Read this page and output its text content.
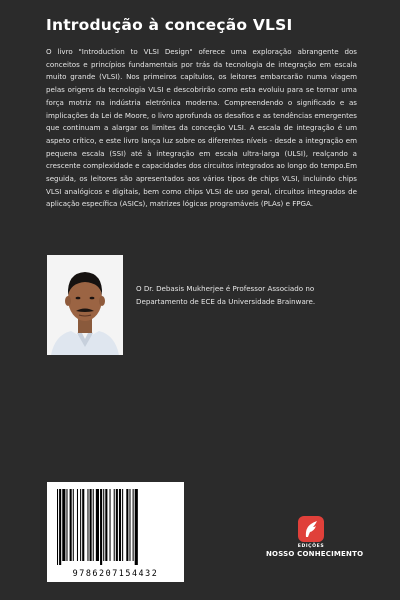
Introdução à conceção VLSI

O livro "Introduction to VLSI Design" oferece uma exploração abrangente dos conceitos e princípios fundamentais por trás da tecnologia de integração em escala muito grande (VLSI). Nos primeiros capítulos, os leitores embarcarão numa viagem pelas origens da tecnologia VLSI e descobrirão como esta evoluiu para se tornar uma força motriz na indústria eletrónica moderna. Compreendendo o significado e as implicações da Lei de Moore, o livro aprofunda os desafios e as tendências emergentes que continuam a alargar os limites da conceção VLSI. A escala de integração é um aspeto crítico, e este livro lança luz sobre os diferentes níveis - desde a integração em pequena escala (SSI) até à integração em escala ultra-larga (ULSI), realçando a crescente complexidade e capacidades dos circuitos integrados ao longo do tempo.Em seguida, os leitores são apresentados aos vários tipos de chips VLSI, incluindo chips VLSI analógicos e digitais, bem como chips VLSI de uso geral, circuitos integrados de aplicação específica (ASICs), matrizes lógicas programáveis (PLAs) e FPGA.

O Dr. Debasis Mukherjee é Professor Associado no Departamento de ECE da Universidade Brainware.

9786207154432
EDIÇÕES
NOSSO CONHECIMENTO
